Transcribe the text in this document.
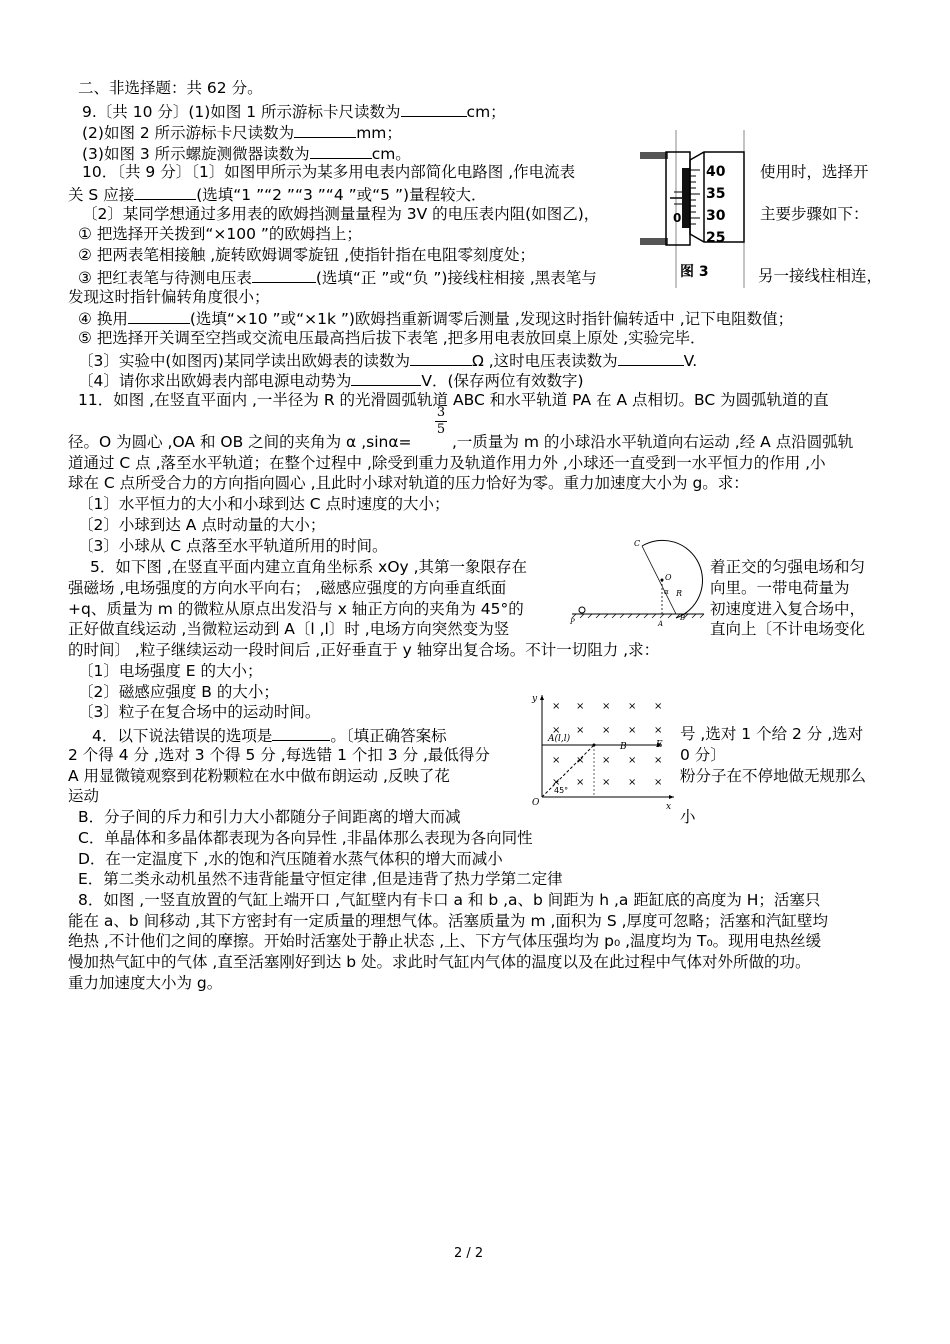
二、非选择题：共 62 分。
9.〔共 10 分〕(1)如图 1 所示游标卡尺读数为	cm；
(2)如图 2 所示游标卡尺读数为	mm；
(3)如图 3 所示螺旋测微器读数为	cm。
10．〔共 9 分〕〔1〕如图甲所示为某多用电表内部简化电路图 ,作电流表	使用时，选择开
关 S 应接	(选填“1 ”“2 ”“3 ”“4 ”或“5 ”)量程较大．
〔2〕某同学想通过多用表的欧姆挡测量量程为 3V 的电压表内阻(如图乙)，	主要步骤如下：
① 把选择开关拨到“×100 ”的欧姆挡上；
② 把两表笔相接触 ,旋转欧姆调零旋钮 ,使指针指在电阻零刻度处；
③ 把红表笔与待测电压表	(选填“正 ”或“负 ”)接线柱相接 ,黑表笔与	另一接线柱相连，
发现这时指针偏转角度很小；
④ 换用	(选填“×10 ”或“×1k ”)欧姆挡重新调零后测量 ,发现这时指针偏转适中 ,记下电阻数值；
⑤ 把选择开关调至空挡或交流电压最高挡后拔下表笔 ,把多用电表放回桌上原处 ,实验完毕．
〔3〕实验中(如图丙)某同学读出欧姆表的读数为	Ω ,这时电压表读数为	V.
〔4〕请你求出欧姆表内部电源电动势为	V．(保存两位有效数字)
40
35
30
25
0
图 3
11．如图 ,在竖直平面内 ,一半径为 R 的光滑圆弧轨道 ABC 和水平轨道 PA 在 A 点相切。BC 为圆弧轨道的直
3
5
径。O 为圆心 ,OA 和 OB 之间的夹角为 α ,sinα=	,一质量为 m 的小球沿水平轨道向右运动 ,经 A 点沿圆弧轨
道通过 C 点 ,落至水平轨道；在整个过程中 ,除受到重力及轨道作用力外 ,小球还一直受到一水平恒力的作用 ,小
球在 C 点所受合力的方向指向圆心 ,且此时小球对轨道的压力恰好为零。重力加速度大小为 g。求：
〔1〕水平恒力的大小和小球到达 C 点时速度的大小；
〔2〕小球到达 A 点时动量的大小；
〔3〕小球从 C 点落至水平轨道所用的时间。	C
O
α R
P	A
B
5．如下图 ,在竖直平面内建立直角坐标系 xOy ,其第一象限存在	着正交的匀强电场和匀
强磁场 ,电场强度的方向水平向右； ,磁感应强度的方向垂直纸面	向里。一带电荷量为
+q、质量为 m 的微粒从原点出发沿与 x 轴正方向的夹角为 45°的	初速度进入复合场中，
正好做直线运动 ,当微粒运动到 A〔l ,l〕时 ,电场方向突然变为竖	直向上〔不计电场变化
的时间〕 ,粒子继续运动一段时间后 ,正好垂直于 y 轴穿出复合场。不计一切阻力 ,求：
〔1〕电场强度 E 的大小；
〔2〕磁感应强度 B 的大小；
〔3〕粒子在复合场中的运动时间。	× × × × ×
× × × × ×
× × × × ×
× × × × ×
y
x
O
A(l,l)
B	E
45°
4．以下说法错误的选项是	。〔填正确答案标	号 ,选对 1 个给 2 分 ,选对
2 个得 4 分 ,选对 3 个得 5 分 ,每选错 1 个扣 3 分 ,最低得分	0 分〕
A 用显微镜观察到花粉颗粒在水中做布朗运动 ,反映了花	粉分子在不停地做无规那么
运动
B．分子间的斥力和引力大小都随分子间距离的增大而减	小
C．单晶体和多晶体都表现为各向异性 ,非晶体那么表现为各向同性
D．在一定温度下 ,水的饱和汽压随着水蒸气体积的增大而减小
E．第二类永动机虽然不违背能量守恒定律 ,但是违背了热力学第二定律
8．如图 ,一竖直放置的气缸上端开口 ,气缸壁内有卡口 a 和 b ,a、b 间距为 h ,a 距缸底的高度为 H；活塞只
能在 a、b 间移动 ,其下方密封有一定质量的理想气体。活塞质量为 m ,面积为 S ,厚度可忽略；活塞和汽缸壁均
绝热 ,不计他们之间的摩擦。开始时活塞处于静止状态 ,上、下方气体压强均为 p₀ ,温度均为 T₀。现用电热丝缓
慢加热气缸中的气体 ,直至活塞刚好到达 b 处。求此时气缸内气体的温度以及在此过程中气体对外所做的功。
重力加速度大小为 g。
2 / 2
